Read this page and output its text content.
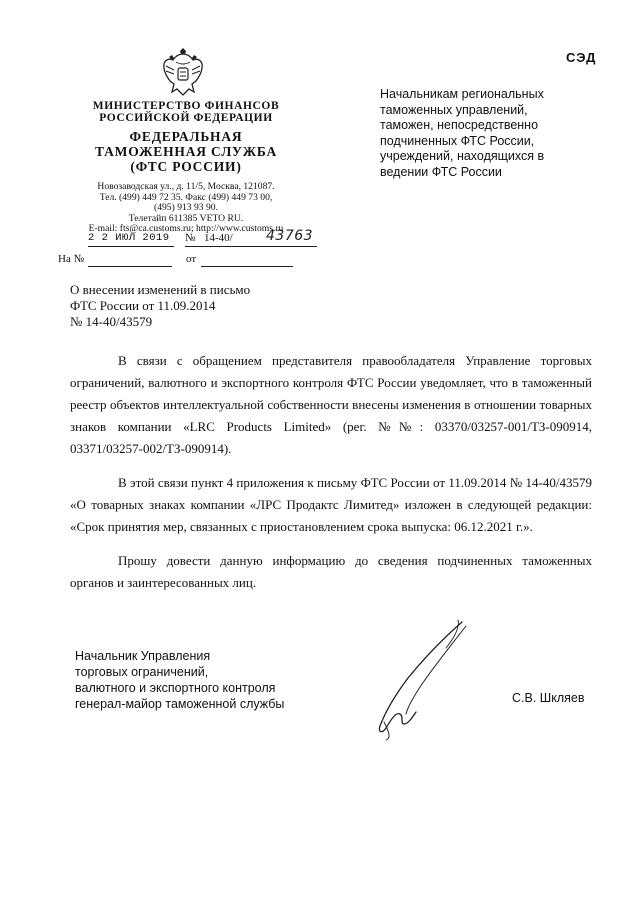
СЭД
МИНИСТЕРСТВО ФИНАНСОВ
РОССИЙСКОЙ ФЕДЕРАЦИИ
ФЕДЕРАЛЬНАЯ
ТАМОЖЕННАЯ СЛУЖБА
(ФТС РОССИИ)
Новозаводская ул., д. 11/5, Москва, 121087.
Тел. (499) 449 72 35. Факс (499) 449 73 00,
(495) 913 93 90.
Телетайп 611385 VETO RU.
E-mail: fts@ca.customs.ru; http://www.customs.ru
2 2 ИЮЛ 2019 № 14-40/ 43763
На №	от
О внесении изменений в письмо
ФТС России от 11.09.2014
№ 14-40/43579
Начальникам региональных
таможенных управлений,
таможен, непосредственно
подчиненных ФТС России,
учреждений, находящихся в
ведении ФТС России

В связи с обращением представителя правообладателя Управление торговых ограничений, валютного и экспортного контроля ФТС России уведомляет, что в таможенный реестр объектов интеллектуальной собственности внесены изменения в отношении товарных знаков компании «LRC Products Limited» (рег. №№: 03370/03257-001/ТЗ-090914, 03371/03257-002/ТЗ-090914).

В этой связи пункт 4 приложения к письму ФТС России от 11.09.2014 № 14-40/43579 «О товарных знаках компании «ЛРС Продактс Лимитед» изложен в следующей редакции: «Срок принятия мер, связанных с приостановлением срока выпуска: 06.12.2021 г.».

Прошу довести данную информацию до сведения подчиненных таможенных органов и заинтересованных лиц.

Начальник Управления
торговых ограничений,
валютного и экспортного контроля
генерал-майор таможенной службы	С.В. Шкляев
